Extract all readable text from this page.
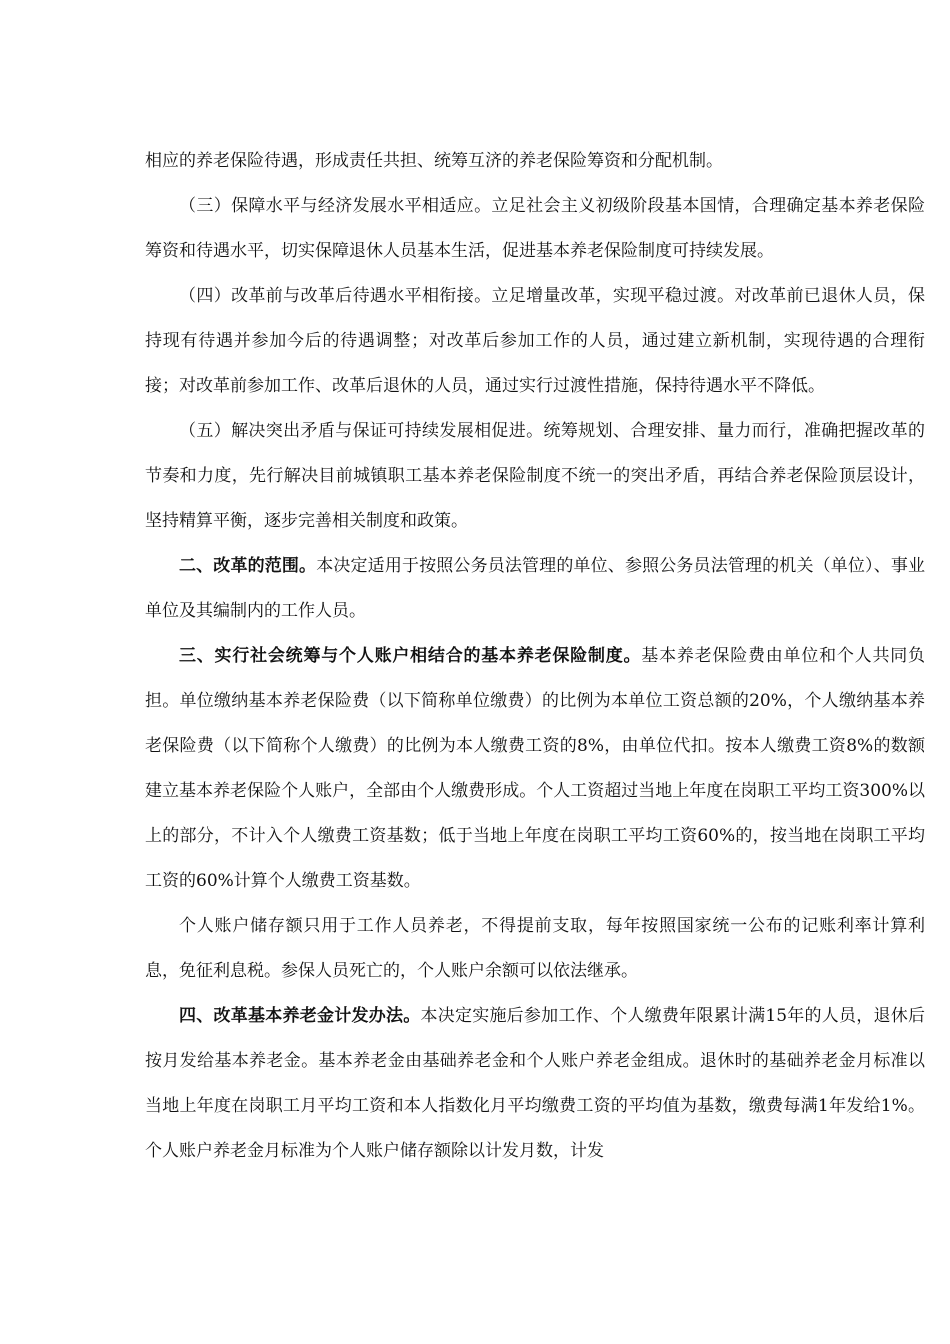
相应的养老保险待遇，形成责任共担、统筹互济的养老保险筹资和分配机制。

（三）保障水平与经济发展水平相适应。立足社会主义初级阶段基本国情，合理确定基本养老保险筹资和待遇水平，切实保障退休人员基本生活，促进基本养老保险制度可持续发展。

（四）改革前与改革后待遇水平相衔接。立足增量改革，实现平稳过渡。对改革前已退休人员，保持现有待遇并参加今后的待遇调整；对改革后参加工作的人员，通过建立新机制，实现待遇的合理衔接；对改革前参加工作、改革后退休的人员，通过实行过渡性措施，保持待遇水平不降低。

（五）解决突出矛盾与保证可持续发展相促进。统筹规划、合理安排、量力而行，准确把握改革的节奏和力度，先行解决目前城镇职工基本养老保险制度不统一的突出矛盾，再结合养老保险顶层设计，坚持精算平衡，逐步完善相关制度和政策。

二、改革的范围。本决定适用于按照公务员法管理的单位、参照公务员法管理的机关（单位）、事业单位及其编制内的工作人员。

三、实行社会统筹与个人账户相结合的基本养老保险制度。基本养老保险费由单位和个人共同负担。单位缴纳基本养老保险费（以下简称单位缴费）的比例为本单位工资总额的20%，个人缴纳基本养老保险费（以下简称个人缴费）的比例为本人缴费工资的8%，由单位代扣。按本人缴费工资8%的数额建立基本养老保险个人账户，全部由个人缴费形成。个人工资超过当地上年度在岗职工平均工资300%以上的部分，不计入个人缴费工资基数；低于当地上年度在岗职工平均工资60%的，按当地在岗职工平均工资的60%计算个人缴费工资基数。

个人账户储存额只用于工作人员养老，不得提前支取，每年按照国家统一公布的记账利率计算利息，免征利息税。参保人员死亡的，个人账户余额可以依法继承。

四、改革基本养老金计发办法。本决定实施后参加工作、个人缴费年限累计满15年的人员，退休后按月发给基本养老金。基本养老金由基础养老金和个人账户养老金组成。退休时的基础养老金月标准以当地上年度在岗职工月平均工资和本人指数化月平均缴费工资的平均值为基数，缴费每满1年发给1%。个人账户养老金月标准为个人账户储存额除以计发月数，计发
